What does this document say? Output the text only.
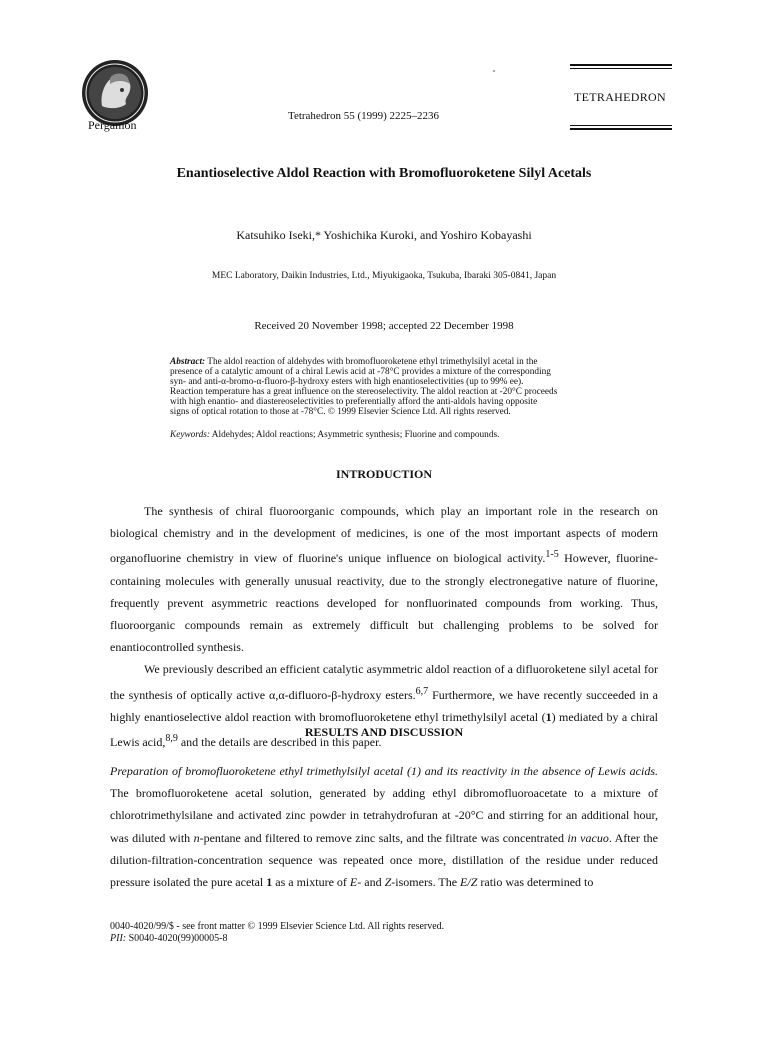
Pergamon
Tetrahedron 55 (1999) 2225–2236
TETRAHEDRON
Enantioselective Aldol Reaction with Bromofluoroketene Silyl Acetals
Katsuhiko Iseki,* Yoshichika Kuroki, and Yoshiro Kobayashi
MEC Laboratory, Daikin Industries, Ltd., Miyukigaoka, Tsukuba, Ibaraki 305-0841, Japan
Received 20 November 1998; accepted 22 December 1998

Abstract: The aldol reaction of aldehydes with bromofluoroketene ethyl trimethylsilyl acetal in the

presence of a catalytic amount of a chiral Lewis acid at -78°C provides a mixture of the corresponding

syn- and anti-α-bromo-α-fluoro-β-hydroxy esters with high enantioselectivities (up to 99% ee).

Reaction temperature has a great influence on the stereoselectivity. The aldol reaction at -20°C proceeds

with high enantio- and diastereoselectivities to preferentially afford the anti-aldols having opposite

signs of optical rotation to those at -78°C. © 1999 Elsevier Science Ltd. All rights reserved.

Keywords: Aldehydes; Aldol reactions; Asymmetric synthesis; Fluorine and compounds.
INTRODUCTION

The synthesis of chiral fluoroorganic compounds, which play an important role in the research on biological chemistry and in the development of medicines, is one of the most important aspects of modern organofluorine chemistry in view of fluorine's unique influence on biological activity.$^{1-5}$ However, fluorine-containing molecules with generally unusual reactivity, due to the strongly electronegative nature of fluorine, frequently prevent asymmetric reactions developed for nonfluorinated compounds from working. Thus, fluoroorganic compounds remain as extremely difficult but challenging problems to be solved for enantiocontrolled synthesis.

We previously described an efficient catalytic asymmetric aldol reaction of a difluoroketene silyl acetal for the synthesis of optically active α,α-difluoro-β-hydroxy esters.$^{6,7}$ Furthermore, we have recently succeeded in a highly enantioselective aldol reaction with bromofluoroketene ethyl trimethylsilyl acetal (1) mediated by a chiral Lewis acid,$^{8,9}$ and the details are described in this paper.

RESULTS AND DISCUSSION

Preparation of bromofluoroketene ethyl trimethylsilyl acetal (1) and its reactivity in the absence of Lewis acids. The bromofluoroketene acetal solution, generated by adding ethyl dibromofluoroacetate to a mixture of chlorotrimethylsilane and activated zinc powder in tetrahydrofuran at -20°C and stirring for an additional hour, was diluted with n-pentane and filtered to remove zinc salts, and the filtrate was concentrated in vacuo. After the dilution-filtration-concentration sequence was repeated once more, distillation of the residue under reduced pressure isolated the pure acetal 1 as a mixture of E- and Z-isomers. The E/Z ratio was determined to

0040-4020/99/$ - see front matter © 1999 Elsevier Science Ltd. All rights reserved.
PII: S0040-4020(99)00005-8
